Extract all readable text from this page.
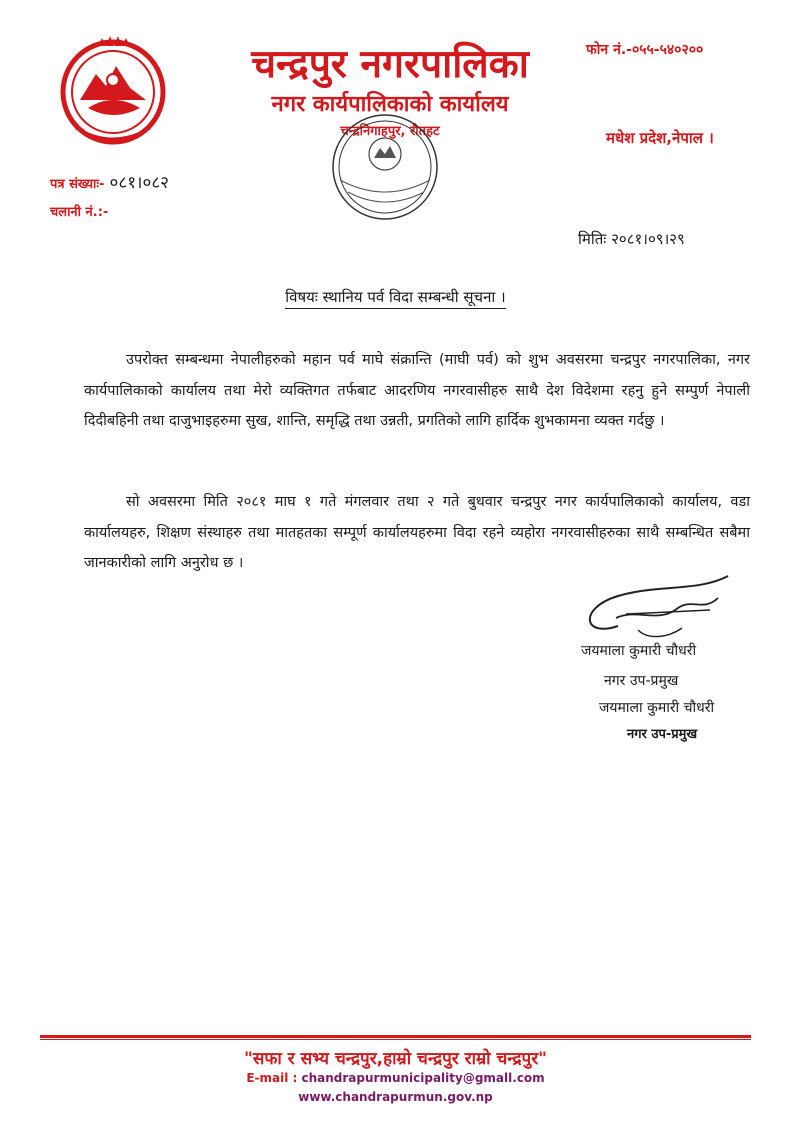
चन्द्रपुर नगरपालिका
नगर कार्यपालिकाको कार्यालय
चन्द्रनिगाहपुर, रौतहट
फोन नं.-०५५-५४०२००
मधेश प्रदेश,नेपाल ।
पत्र संख्याः- ०८१।०८२
चलानी नं.:-
मितिः २०८१।०९।२९
विषयः स्थानिय पर्व विदा सम्बन्धी सूचना ।
उपरोक्त सम्बन्धमा नेपालीहरुको महान पर्व माघे संक्रान्ति (माघी पर्व) को शुभ अवसरमा चन्द्रपुर नगरपालिका, नगर कार्यपालिकाको कार्यालय तथा मेरो व्यक्तिगत तर्फबाट आदरणिय नगरवासीहरु साथै देश विदेशमा रहनु हुने सम्पुर्ण नेपाली दिदीबहिनी तथा दाजुभाइहरुमा सुख, शान्ति, समृद्धि तथा उन्नती, प्रगतिको लागि हार्दिक शुभकामना व्यक्त गर्दछु ।
सो अवसरमा मिति २०८१ माघ १ गते मंगलवार तथा २ गते बुधवार चन्द्रपुर नगर कार्यपालिकाको कार्यालय, वडा कार्यालयहरु, शिक्षण संस्थाहरु तथा मातहतका सम्पूर्ण कार्यालयहरुमा विदा रहने व्यहोरा नगरवासीहरुका साथै सम्बन्धित सबैमा जानकारीको लागि अनुरोध छ ।
जयमाला कुमारी चौधरी
नगर उप-प्रमुख
जयमाला कुमारी चौधरी
नगर उप-प्रमुख
"सफा र सभ्य चन्द्रपुर,हाम्रो चन्द्रपुर राम्रो चन्द्रपुर"
E-mail : chandrapurmunicipality@gmall.com
www.chandrapurmun.gov.np
